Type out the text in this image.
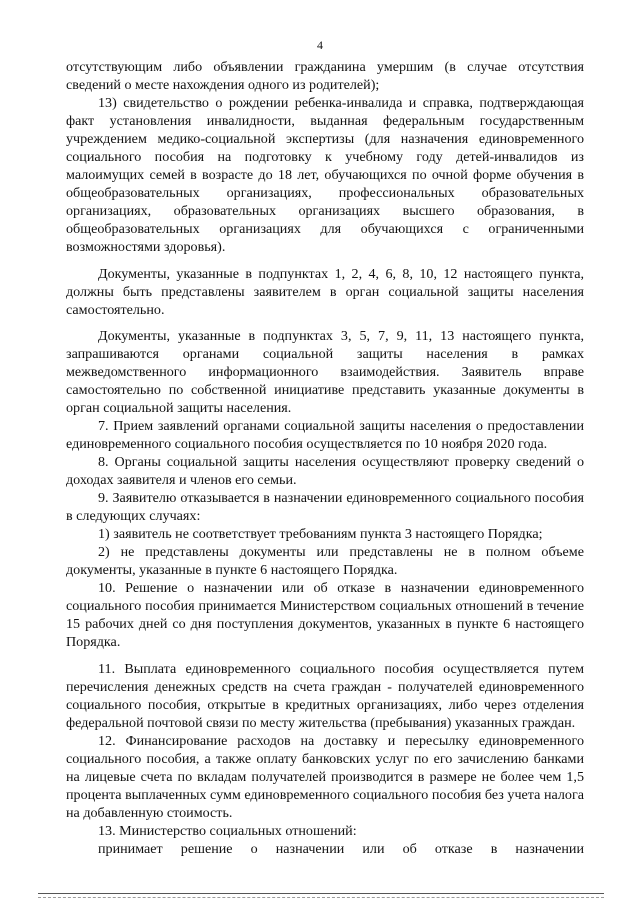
4

отсутствующим либо объявлении гражданина умершим (в случае отсутствия сведений о месте нахождения одного из родителей);

13) свидетельство о рождении ребенка-инвалида и справка, подтверждающая факт установления инвалидности, выданная федеральным государственным учреждением медико-социальной экспертизы (для назначения единовременного социального пособия на подготовку к учебному году детей-инвалидов из малоимущих семей в возрасте до 18 лет, обучающихся по очной форме обучения в общеобразовательных организациях, профессиональных образовательных организациях, образовательных организациях высшего образования, в общеобразовательных организациях для обучающихся с ограниченными возможностями здоровья).

Документы, указанные в подпунктах 1, 2, 4, 6, 8, 10, 12 настоящего пункта, должны быть представлены заявителем в орган социальной защиты населения самостоятельно.

Документы, указанные в подпунктах 3, 5, 7, 9, 11, 13 настоящего пункта, запрашиваются органами социальной защиты населения в рамках межведомственного информационного взаимодействия. Заявитель вправе самостоятельно по собственной инициативе представить указанные документы в орган социальной защиты населения.

7. Прием заявлений органами социальной защиты населения о предоставлении единовременного социального пособия осуществляется по 10 ноября 2020 года.

8. Органы социальной защиты населения осуществляют проверку сведений о доходах заявителя и членов его семьи.

9. Заявителю отказывается в назначении единовременного социального пособия в следующих случаях:

1) заявитель не соответствует требованиям пункта 3 настоящего Порядка;

2) не представлены документы или представлены не в полном объеме документы, указанные в пункте 6 настоящего Порядка.

10. Решение о назначении или об отказе в назначении единовременного социального пособия принимается Министерством социальных отношений в течение 15 рабочих дней со дня поступления документов, указанных в пункте 6 настоящего Порядка.

11. Выплата единовременного социального пособия осуществляется путем перечисления денежных средств на счета граждан - получателей единовременного социального пособия, открытые в кредитных организациях, либо через отделения федеральной почтовой связи по месту жительства (пребывания) указанных граждан.

12. Финансирование расходов на доставку и пересылку единовременного социального пособия, а также оплату банковских услуг по его зачислению банками на лицевые счета по вкладам получателей производится в размере не более чем 1,5 процента выплаченных сумм единовременного социального пособия без учета налога на добавленную стоимость.

13. Министерство социальных отношений:

принимает решение о назначении или об отказе в назначении
